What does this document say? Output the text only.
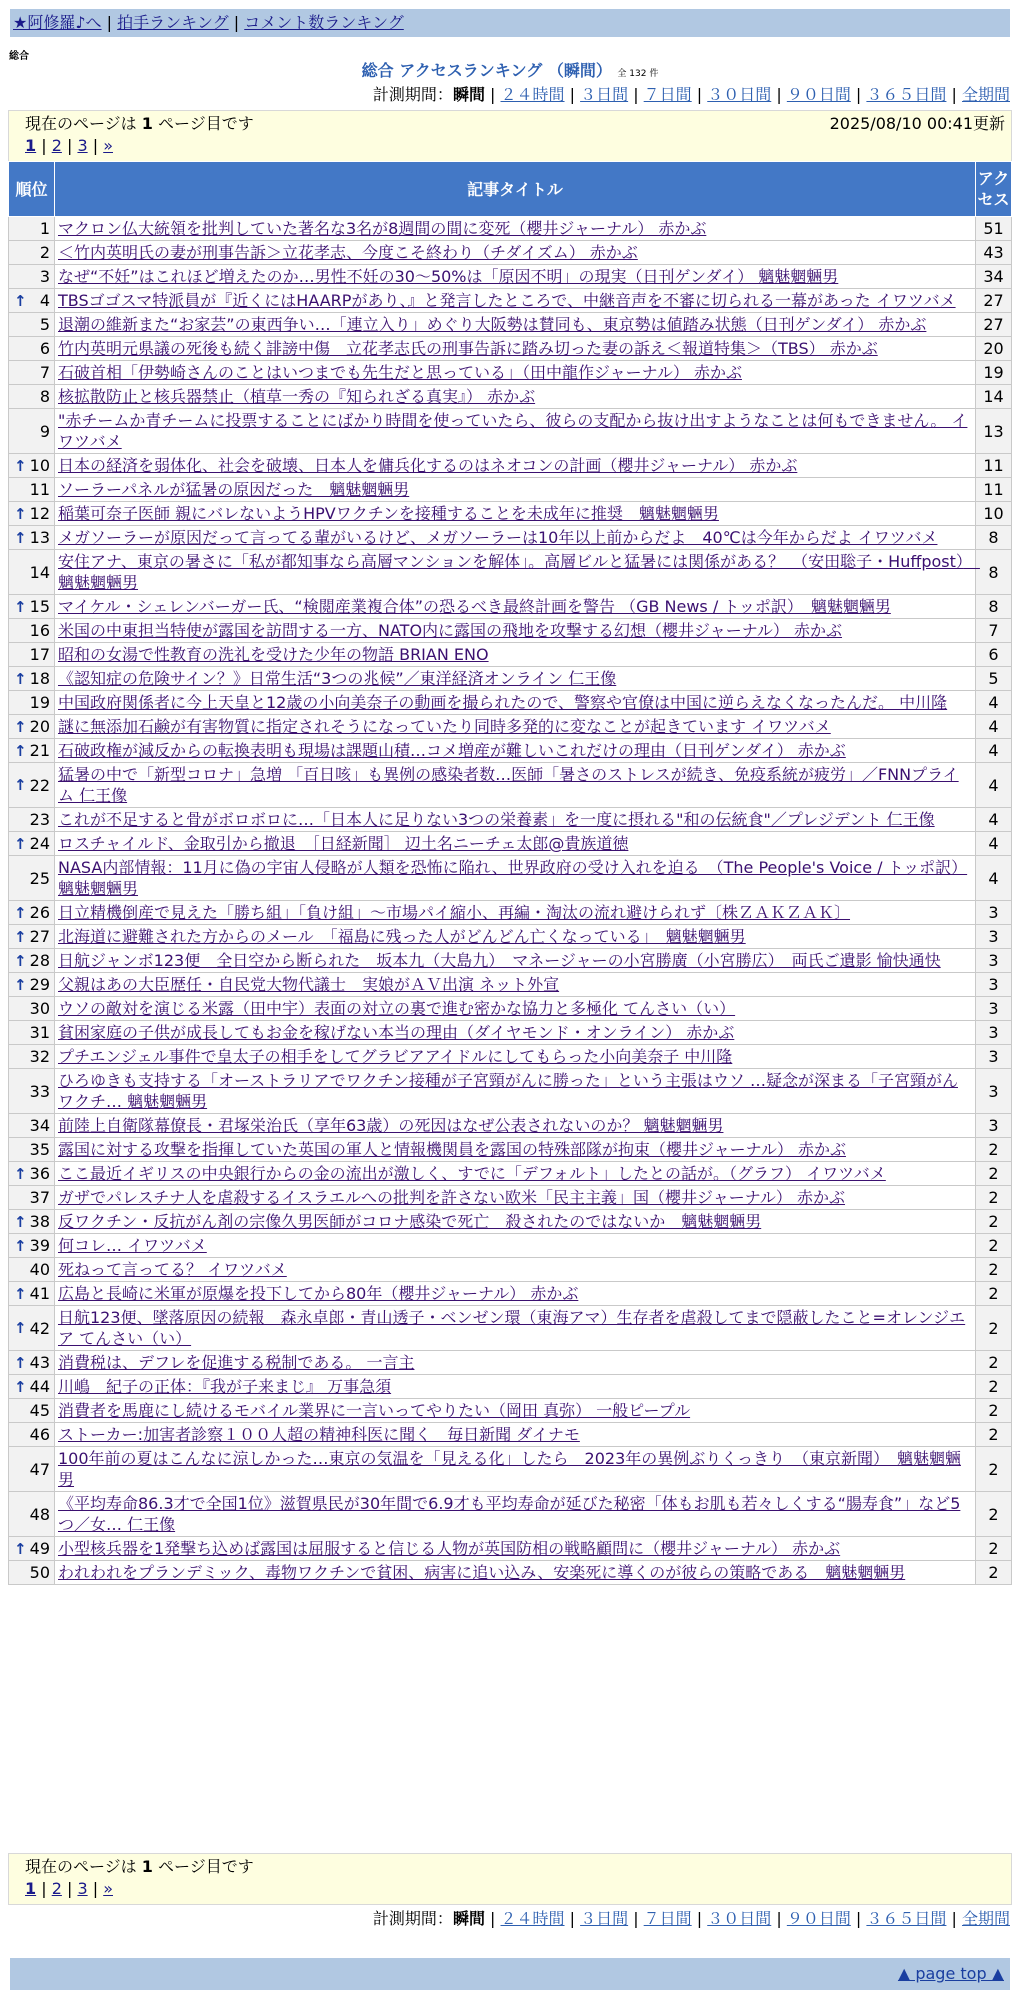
★阿修羅♪へ | 拍手ランキング | コメント数ランキング
総合
総合 アクセスランキング （瞬間） 全 132 件
計測期間：瞬間 | ２４時間 | ３日間 | ７日間 | ３０日間 | ９０日間 | ３６５日間 | 全期間
現在のページは 1 ページ目です	2025/08/10 00:41更新
1 | 2 | 3 | »
順位	記事タイトル	アクセス
1	マクロン仏大統領を批判していた著名な3名が8週間の間に変死（櫻井ジャーナル） 赤かぶ	51
2	＜竹内英明氏の妻が刑事告訴＞立花孝志、今度こそ終わり（チダイズム） 赤かぶ	43
3	なぜ“不妊”はこれほど増えたのか…男性不妊の30～50%は「原因不明」の現実（日刊ゲンダイ） 魑魅魍魎男	34

↑ 4	TBSゴゴスマ特派員が『近くにはHAARPがあり、』と発言したところで、中継音声を不審に切られる一幕があった イワツバメ	27
5	退潮の維新また“お家芸”の東西争い…「連立入り」めぐり大阪勢は賛同も、東京勢は値踏み状態（日刊ゲンダイ） 赤かぶ	27
6	竹内英明元県議の死後も続く誹謗中傷　立花孝志氏の刑事告訴に踏み切った妻の訴え＜報道特集＞（TBS） 赤かぶ	20
7	石破首相「伊勢崎さんのことはいつまでも先生だと思っている」（田中龍作ジャーナル） 赤かぶ	19
8	核拡散防止と核兵器禁止（植草一秀の『知られざる真実』） 赤かぶ	14
9	"赤チームか青チームに投票することにばかり時間を使っていたら、彼らの支配から抜け出すようなことは何もできません。 イワツバメ	13

↑ 10	日本の経済を弱体化、社会を破壊、日本人を傭兵化するのはネオコンの計画（櫻井ジャーナル） 赤かぶ	11
11	ソーラーパネルが猛暑の原因だった　魑魅魍魎男	11

↑ 12	稲葉可奈子医師 親にバレないようHPVワクチンを接種することを未成年に推奨　魑魅魍魎男	10

↑ 13	メガソーラーが原因だって言ってる輩がいるけど、メガソーラーは10年以上前からだよ　40℃は今年からだよ イワツバメ	8
14	安住アナ、東京の暑さに「私が都知事なら高層マンションを解体」。高層ビルと猛暑には関係がある？　（安田聡子・Huffpost）　魑魅魍魎男	8

↑ 15	マイケル・シェレンバーガー氏、“検閲産業複合体”の恐るべき最終計画を警告 （GB News / トッポ訳）　魑魅魍魎男	8
16	米国の中東担当特使が露国を訪問する一方、NATO内に露国の飛地を攻撃する幻想（櫻井ジャーナル） 赤かぶ	7
17	昭和の女湯で性教育の洗礼を受けた少年の物語 BRIAN ENO	6

↑ 18	《認知症の危険サイン？》日常生活“3つの兆候”／東洋経済オンライン 仁王像	5
19	中国政府関係者に今上天皇と12歳の小向美奈子の動画を撮られたので、警察や官僚は中国に逆らえなくなったんだ。 中川隆	4

↑ 20	謎に無添加石鹸が有害物質に指定されそうになっていたり同時多発的に変なことが起きています イワツバメ	4

↑ 21	石破政権が減反からの転換表明も現場は課題山積…コメ増産が難しいこれだけの理由（日刊ゲンダイ） 赤かぶ	4

↑ 22	猛暑の中で「新型コロナ」急増 「百日咳」も異例の感染者数…医師「暑さのストレスが続き、免疫系統が疲労」／FNNプライム 仁王像	4
23	これが不足すると骨がボロボロに…「日本人に足りない3つの栄養素」を一度に摂れる"和の伝統食"／プレジデント 仁王像	4

↑ 24	ロスチャイルド、金取引から撤退　［日経新聞］ 辺土名ニーチェ太郎@貴族道徳	4
25	NASA内部情報：11月に偽の宇宙人侵略が人類を恐怖に陥れ、世界政府の受け入れを迫る　（The People's Voice / トッポ訳） 魑魅魍魎男	4

↑ 26	日立精機倒産で見えた「勝ち組」「負け組」～市場パイ縮小、再編・淘汰の流れ避けられず〔株ＺＡＫＺＡＫ〕	3

↑ 27	北海道に避難された方からのメール　「福島に残った人がどんどん亡くなっている」　魑魅魍魎男	3

↑ 28	日航ジャンボ123便　全日空から断られた　坂本九（大島九）　マネージャーの小宮勝廣（小宮勝広）　両氏ご遺影 愉快通快	3

↑ 29	父親はあの大臣歴任・自民党大物代議士　実娘がＡＶ出演 ネット外宣	3
30	ウソの敵対を演じる米露（田中宇）表面の対立の裏で進む密かな協力と多極化 てんさい（い）	3
31	貧困家庭の子供が成長してもお金を稼げない本当の理由（ダイヤモンド・オンライン） 赤かぶ	3
32	プチエンジェル事件で皇太子の相手をしてグラビアアイドルにしてもらった小向美奈子 中川隆	3
33	ひろゆきも支持する「オーストラリアでワクチン接種が子宮頸がんに勝った」という主張はウソ …疑念が深まる「子宮頸がんワクチ… 魑魅魍魎男	3
34	前陸上自衛隊幕僚長・君塚栄治氏（享年63歳）の死因はなぜ公表されないのか？ 魑魅魍魎男	3
35	露国に対する攻撃を指揮していた英国の軍人と情報機関員を露国の特殊部隊が拘束（櫻井ジャーナル） 赤かぶ	2

↑ 36	ここ最近イギリスの中央銀行からの金の流出が激しく、すでに「デフォルト」したとの話が。（グラフ） イワツバメ	2
37	ガザでパレスチナ人を虐殺するイスラエルへの批判を許さない欧米「民主主義」国（櫻井ジャーナル） 赤かぶ	2

↑ 38	反ワクチン・反抗がん剤の宗像久男医師がコロナ感染で死亡　殺されたのではないか　魑魅魍魎男	2

↑ 39	何コレ… イワツバメ	2
40	死ねって言ってる？ イワツバメ	2

↑ 41	広島と長崎に米軍が原爆を投下してから80年（櫻井ジャーナル） 赤かぶ	2

↑ 42	日航123便、墜落原因の続報　森永卓郎・青山透子・ベンゼン環（東海アマ）生存者を虐殺してまで隠蔽したこと=オレンジエア てんさい（い）	2

↑ 43	消費税は、デフレを促進する税制である。 一言主	2

↑ 44	川嶋　紀子の正体：『我が子来まじ』 万事急須	2
45	消費者を馬鹿にし続けるモバイル業界に一言いってやりたい（岡田 真弥） 一般ピープル	2
46	ストーカー:加害者診察１００人超の精神科医に聞く　毎日新聞 ダイナモ	2
47	100年前の夏はこんなに涼しかった…東京の気温を「見える化」したら　2023年の異例ぶりくっきり　（東京新聞）　魑魅魍魎男	2
48	《平均寿命86.3才で全国1位》滋賀県民が30年間で6.9才も平均寿命が延びた秘密「体もお肌も若々しくする“腸寿食”」など5つ／女… 仁王像	2

↑ 49	小型核兵器を1発撃ち込めば露国は屈服すると信じる人物が英国防相の戦略顧問に（櫻井ジャーナル） 赤かぶ	2
50	われわれをプランデミック、毒物ワクチンで貧困、病害に追い込み、安楽死に導くのが彼らの策略である　魑魅魍魎男	2
現在のページは 1 ページ目です
1 | 2 | 3 | »
計測期間：瞬間 | ２４時間 | ３日間 | ７日間 | ３０日間 | ９０日間 | ３６５日間 | 全期間
▲ page top ▲
